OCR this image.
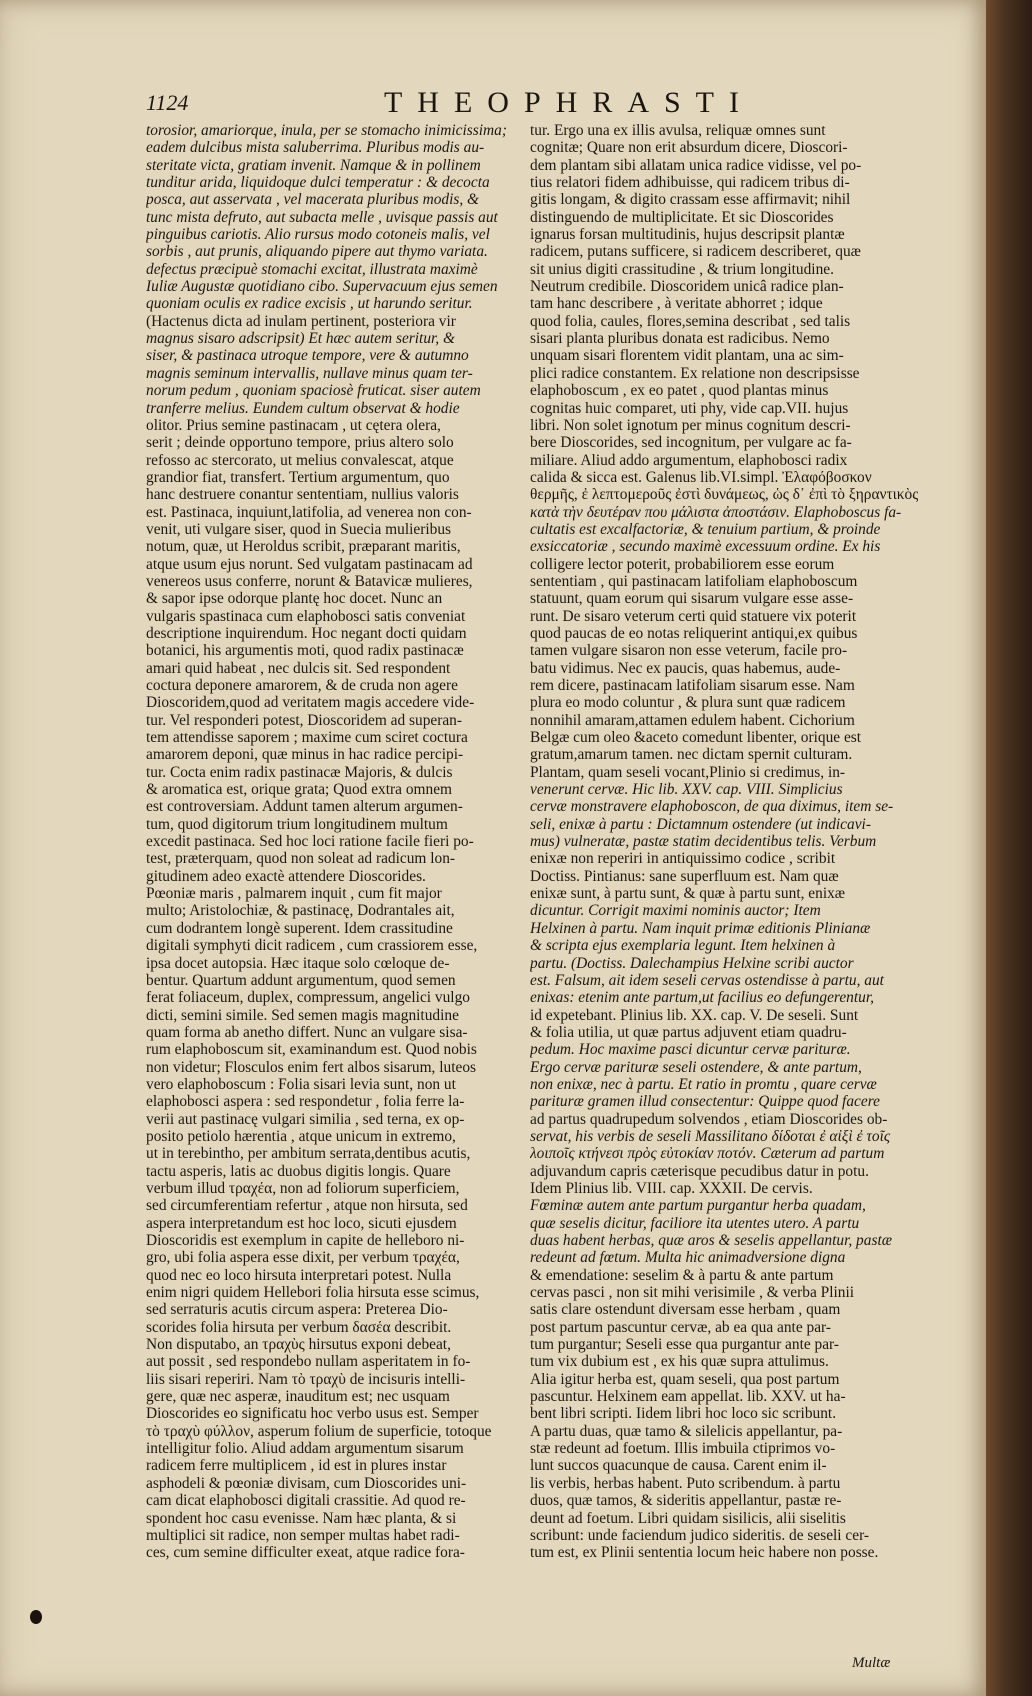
1124	THEOPHRASTI
torosior, amariorque, inula, per se stomacho inimicissima;
eadem dulcibus mista saluberrima. Pluribus modis au-
steritate victa, gratiam invenit. Namque & in pollinem
tunditur arida, liquidoque dulci temperatur : & decocta
posca, aut asservata , vel macerata pluribus modis, &
tunc mista defruto, aut subacta melle , uvisque passis aut
pinguibus cariotis. Alio rursus modo cotoneis malis, vel
sorbis , aut prunis, aliquando pipere aut thymo variata.
defectus præcipuè stomachi excitat, illustrata maximè
Iuliæ Augustæ quotidiano cibo. Supervacuum ejus semen
quoniam oculis ex radice excisis , ut harundo seritur.
(Hactenus dicta ad inulam pertinent, posteriora vir
magnus sisaro adscripsit) Et hæc autem seritur, &
siser, & pastinaca utroque tempore, vere & autumno
magnis seminum intervallis, nullave minus quam ter-
norum pedum , quoniam spaciosè fruticat. siser autem
tranferre melius. Eundem cultum observat & hodie
olitor. Prius semine pastinacam , ut cętera olera,
serit ; deinde opportuno tempore, prius altero solo
refosso ac stercorato, ut melius convalescat, atque
grandior fiat, transfert. Tertium argumentum, quo
hanc destruere conantur sententiam, nullius valoris
est. Pastinaca, inquiunt,latifolia, ad venerea non con-
venit, uti vulgare siser, quod in Suecia mulieribus
notum, quæ, ut Heroldus scribit, præparant maritis,
atque usum ejus norunt. Sed vulgatam pastinacam ad
venereos usus conferre, norunt & Batavicæ mulieres,
& sapor ipse odorque plantę hoc docet. Nunc an
vulgaris spastinaca cum elaphobosci satis conveniat
descriptione inquirendum. Hoc negant docti quidam
botanici, his argumentis moti, quod radix pastinacæ
amari quid habeat , nec dulcis sit. Sed respondent
coctura deponere amarorem, & de cruda non agere
Dioscoridem,quod ad veritatem magis accedere vide-
tur. Vel responderi potest, Dioscoridem ad superan-
tem attendisse saporem ; maxime cum sciret coctura
amarorem deponi, quæ minus in hac radice percipi-
tur. Cocta enim radix pastinacæ Majoris, & dulcis
& aromatica est, orique grata; Quod extra omnem
est controversiam. Addunt tamen alterum argumen-
tum, quod digitorum trium longitudinem multum
excedit pastinaca. Sed hoc loci ratione facile fieri po-
test, præterquam, quod non soleat ad radicum lon-
gitudinem adeo exactè attendere Dioscorides.
Pœoniæ maris , palmarem inquit , cum fit major
multo; Aristolochiæ, & pastinacę, Dodrantales ait,
cum dodrantem longè superent. Idem crassitudine
digitali symphyti dicit radicem , cum crassiorem esse,
ipsa docet autopsia. Hæc itaque solo cœloque de-
bentur. Quartum addunt argumentum, quod semen
ferat foliaceum, duplex, compressum, angelici vulgo
dicti, semini simile. Sed semen magis magnitudine
quam forma ab anetho differt. Nunc an vulgare sisa-
rum elaphoboscum sit, examinandum est. Quod nobis
non videtur; Flosculos enim fert albos sisarum, luteos
vero elaphoboscum : Folia sisari levia sunt, non ut
elaphobosci aspera : sed respondetur , folia ferre la-
verii aut pastinacę vulgari similia , sed terna, ex op-
posito petiolo hærentia , atque unicum in extremo,
ut in terebintho, per ambitum serrata,dentibus acutis,
tactu asperis, latis ac duobus digitis longis. Quare
verbum illud τραχέα, non ad foliorum superficiem,
sed circumferentiam refertur , atque non hirsuta, sed
aspera interpretandum est hoc loco, sicuti ejusdem
Dioscoridis est exemplum in capite de helleboro ni-
gro, ubi folia aspera esse dixit, per verbum τραχέα,
quod nec eo loco hirsuta interpretari potest. Nulla
enim nigri quidem Hellebori folia hirsuta esse scimus,
sed serraturis acutis circum aspera: Preterea Dio-
scorides folia hirsuta per verbum δασέα describit.
Non disputabo, an τραχὺς hirsutus exponi debeat,
aut possit , sed respondebo nullam asperitatem in fo-
liis sisari reperiri. Nam τὸ τραχὺ de incisuris intelli-
gere, quæ nec asperæ, inauditum est; nec usquam
Dioscorides eo significatu hoc verbo usus est. Semper
τὸ τραχὺ φύλλον, asperum folium de superficie, totoque
intelligitur folio. Aliud addam argumentum sisarum
radicem ferre multiplicem , id est in plures instar
asphodeli & pœoniæ divisam, cum Dioscorides uni-
cam dicat elaphobosci digitali crassitie. Ad quod re-
spondent hoc casu evenisse. Nam hæc planta, & si
multiplici sit radice, non semper multas habet radi-
ces, cum semine difficulter exeat, atque radice fora-
tur. Ergo una ex illis avulsa, reliquæ omnes sunt
cognitæ; Quare non erit absurdum dicere, Dioscori-
dem plantam sibi allatam unica radice vidisse, vel po-
tius relatori fidem adhibuisse, qui radicem tribus di-
gitis longam, & digito crassam esse affirmavit; nihil
distinguendo de multiplicitate. Et sic Dioscorides
ignarus forsan multitudinis, hujus descripsit plantæ
radicem, putans sufficere, si radicem describeret, quæ
sit unius digiti crassitudine , & trium longitudine.
Neutrum credibile. Dioscoridem unicâ radice plan-
tam hanc describere , à veritate abhorret ; idque
quod folia, caules, flores,semina describat , sed talis
sisari planta pluribus donata est radicibus. Nemo
unquam sisari florentem vidit plantam, una ac sim-
plici radice constantem. Ex relatione non descripsisse
elaphoboscum , ex eo patet , quod plantas minus
cognitas huic comparet, uti phy, vide cap.VII. hujus
libri. Non solet ignotum per minus cognitum descri-
bere Dioscorides, sed incognitum, per vulgare ac fa-
miliare. Aliud addo argumentum, elaphobosci radix
calida & sicca est. Galenus lib.VI.simpl. Ἐλαφόβοσκον
θερμῆς, ἐ λεπτομεροῦς ἐστὶ δυνάμεως, ὡς δ᾽ ἐπὶ τὸ ξηραντικὸς
κατὰ τὴν δευτέραν που μάλιστα ἀποστάσιν. Elaphoboscus fa-
cultatis est excalfactoriæ, & tenuium partium, & proinde
exsiccatoriæ , secundo maximè excessuum ordine. Ex his
colligere lector poterit, probabiliorem esse eorum
sententiam , qui pastinacam latifoliam elaphoboscum
statuunt, quam eorum qui sisarum vulgare esse asse-
runt. De sisaro veterum certi quid statuere vix poterit
quod paucas de eo notas reliquerint antiqui,ex quibus
tamen vulgare sisaron non esse veterum, facile pro-
batu vidimus. Nec ex paucis, quas habemus, aude-
rem dicere, pastinacam latifoliam sisarum esse. Nam
plura eo modo coluntur , & plura sunt quæ radicem
nonnihil amaram,attamen edulem habent. Cichorium
Belgæ cum oleo &aceto comedunt libenter, orique est
gratum,amarum tamen. nec dictam spernit culturam.
Plantam, quam seseli vocant,Plinio si credimus, in-
venerunt cervæ. Hic lib. XXV. cap. VIII. Simplicius
cervæ monstravere elaphoboscon, de qua diximus, item se-
seli, enixæ à partu : Dictamnum ostendere (ut indicavi-
mus) vulneratæ, pastæ statim decidentibus telis. Verbum
enixæ non reperiri in antiquissimo codice , scribit
Doctiss. Pintianus: sane superfluum est. Nam quæ
enixæ sunt, à partu sunt, & quæ à partu sunt, enixæ
dicuntur. Corrigit maximi nominis auctor; Item
Helxinen à partu. Nam inquit primæ editionis Plinianæ
& scripta ejus exemplaria legunt. Item helxinen à
partu. (Doctiss. Dalechampius Helxine scribi auctor
est. Falsum, ait idem seseli cervas ostendisse à partu, aut
enixas: etenim ante partum,ut facilius eo defungerentur,
id expetebant. Plinius lib. XX. cap. V. De seseli. Sunt
& folia utilia, ut quæ partus adjuvent etiam quadru-
pedum. Hoc maxime pasci dicuntur cervæ parituræ.
Ergo cervæ parituræ seseli ostendere, & ante partum,
non enixæ, nec à partu. Et ratio in promtu , quare cervæ
parituræ gramen illud consectentur: Quippe quod facere
ad partus quadrupedum solvendos , etiam Dioscorides ob-
servat, his verbis de seseli Massilitano δίδοται ἐ αἰξὶ ἐ τοῖς
λοιποῖς κτήνεσι πρὸς εὐτοκίαν ποτόν. Cæterum ad partum
adjuvandum capris cæterisque pecudibus datur in potu.
Idem Plinius lib. VIII. cap. XXXII. De cervis.
Fœminæ autem ante partum purgantur herba quadam,
quæ seselis dicitur, faciliore ita utentes utero. A partu
duas habent herbas, quæ aros & seselis appellantur, pastæ
redeunt ad fœtum. Multa hic animadversione digna
& emendatione: seselim & à partu & ante partum
cervas pasci , non sit mihi verisimile , & verba Plinii
satis clare ostendunt diversam esse herbam , quam
post partum pascuntur cervæ, ab ea qua ante par-
tum purgantur; Seseli esse qua purgantur ante par-
tum vix dubium est , ex his quæ supra attulimus.
Alia igitur herba est, quam seseli, qua post partum
pascuntur. Helxinem eam appellat. lib. XXV. ut ha-
bent libri scripti. Iidem libri hoc loco sic scribunt.
A partu duas, quæ tamo & silelicis appellantur, pa-
stæ redeunt ad foetum. Illis imbuila ctiprimos vo-
lunt succos quacunque de causa. Carent enim il-
lis verbis, herbas habent. Puto scribendum. à partu
duos, quæ tamos, & sideritis appellantur, pastæ re-
deunt ad foetum. Libri quidam sisilicis, alii siselitis
scribunt: unde faciendum judico sideritis. de seseli cer-
tum est, ex Plinii sententia locum heic habere non posse.
Multæ
